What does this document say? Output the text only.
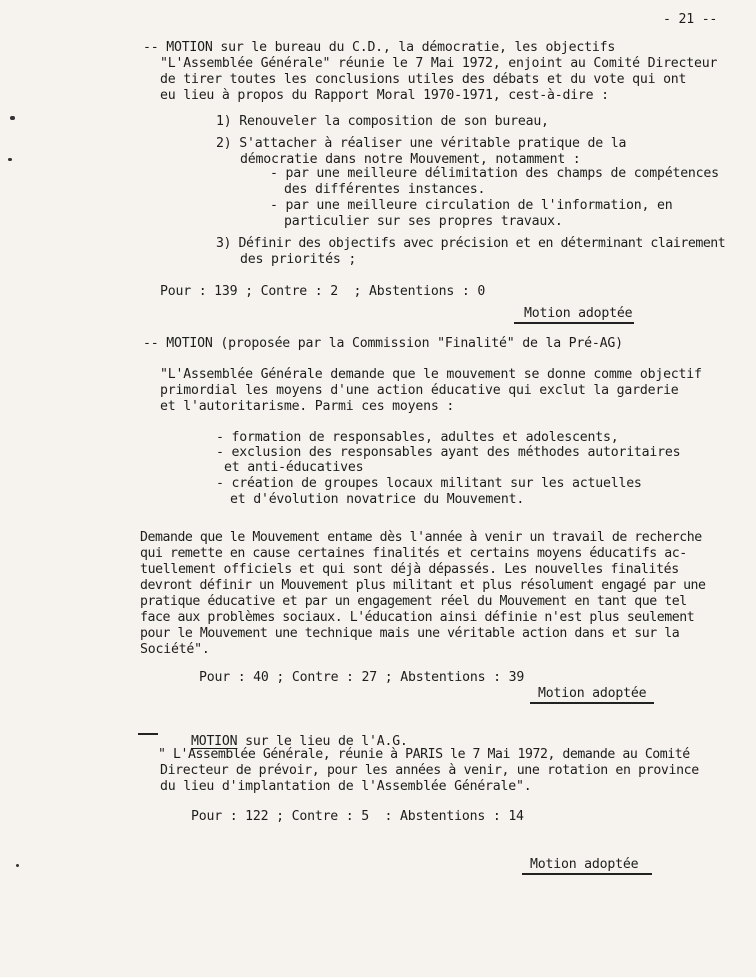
- 21 --
-- MOTION sur le bureau du C.D., la démocratie, les objectifs
"L'Assemblée Générale" réunie le 7 Mai 1972, enjoint au Comité Directeur
de tirer toutes les conclusions utiles des débats et du vote qui ont
eu lieu à propos du Rapport Moral 1970-1971, cest-à-dire :
1) Renouveler la composition de son bureau,
2) S'attacher à réaliser une véritable pratique de la
démocratie dans notre Mouvement, notamment :
- par une meilleure délimitation des champs de compétences
des différentes instances.
- par une meilleure circulation de l'information, en
particulier sur ses propres travaux.
3) Définir des objectifs avec précision et en déterminant clairement
des priorités ;
Pour : 139 ; Contre : 2  ; Abstentions : 0
Motion adoptée
-- MOTION (proposée par la Commission "Finalité" de la Pré-AG)
"L'Assemblée Générale demande que le mouvement se donne comme objectif
primordial les moyens d'une action éducative qui exclut la garderie
et l'autoritarisme. Parmi ces moyens :
- formation de responsables, adultes et adolescents,
- exclusion des responsables ayant des méthodes autoritaires
et anti-éducatives
- création de groupes locaux militant sur les actuelles
et d'évolution novatrice du Mouvement.
Demande que le Mouvement entame dès l'année à venir un travail de recherche
qui remette en cause certaines finalités et certains moyens éducatifs ac-
tuellement officiels et qui sont déjà dépassés. Les nouvelles finalités
devront définir un Mouvement plus militant et plus résolument engagé par une
pratique éducative et par un engagement réel du Mouvement en tant que tel
face aux problèmes sociaux. L'éducation ainsi définie n'est plus seulement
pour le Mouvement une technique mais une véritable action dans et sur la
Société".
Pour : 40 ; Contre : 27 ; Abstentions : 39
Motion adoptée

MOTION sur le lieu de l'A.G.

" L'Assemblée Générale, réunie à PARIS le 7 Mai 1972, demande au Comité
Directeur de prévoir, pour les années à venir, une rotation en province
du lieu d'implantation de l'Assemblée Générale".
Pour : 122 ; Contre : 5  : Abstentions : 14
Motion adoptée
